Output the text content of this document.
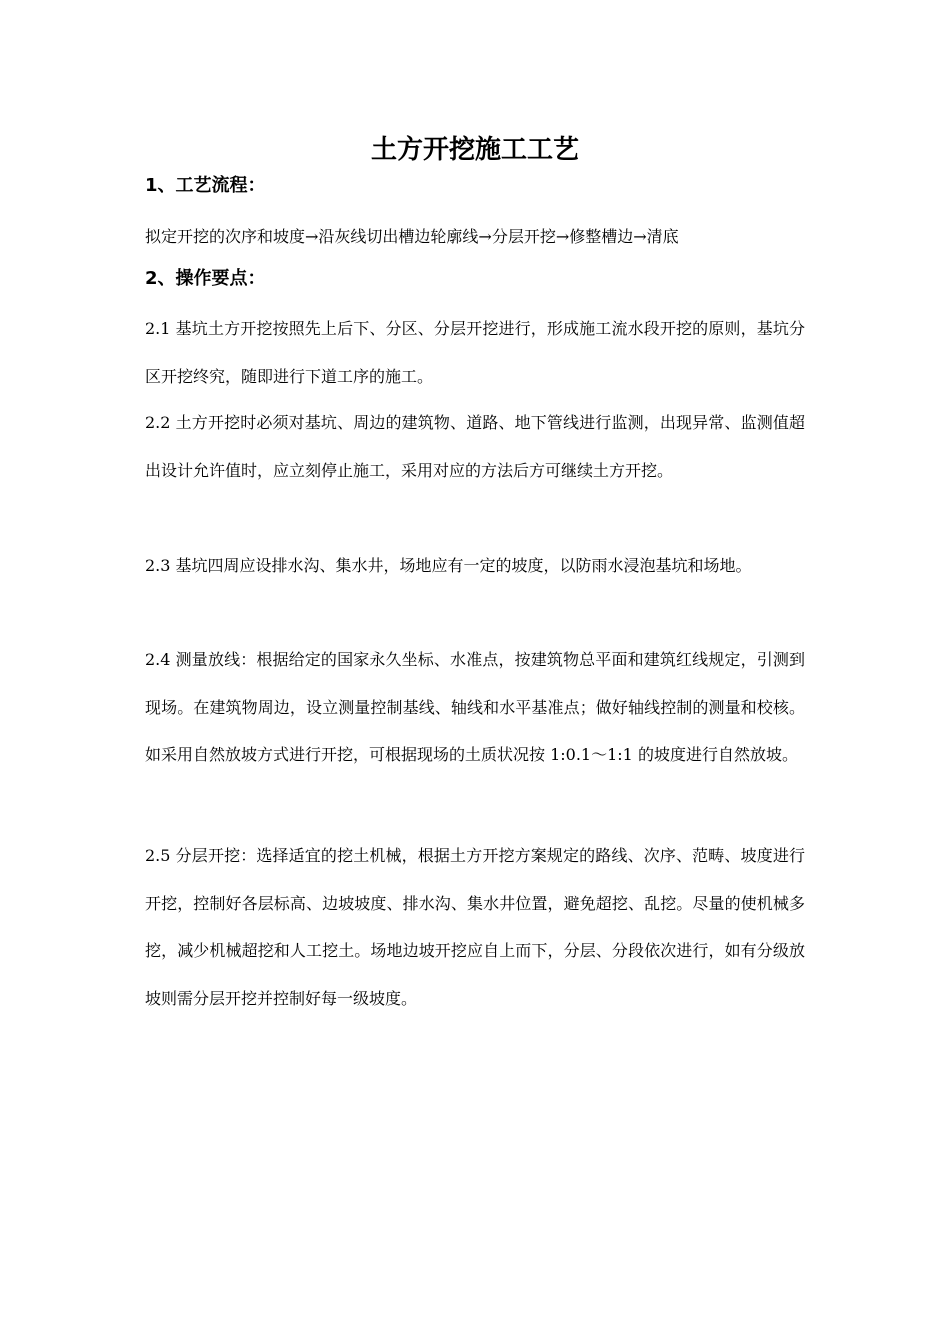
土方开挖施工工艺
1、工艺流程：

拟定开挖的次序和坡度→沿灰线切出槽边轮廓线→分层开挖→修整槽边→清底

2、操作要点：

2.1 基坑土方开挖按照先上后下、分区、分层开挖进行，形成施工流水段开挖的原则，基坑分区开挖终究，随即进行下道工序的施工。

2.2 土方开挖时必须对基坑、周边的建筑物、道路、地下管线进行监测，出现异常、监测值超出设计允许值时，应立刻停止施工，采用对应的方法后方可继续土方开挖。

2.3 基坑四周应设排水沟、集水井，场地应有一定的坡度，以防雨水浸泡基坑和场地。

2.4 测量放线：根据给定的国家永久坐标、水准点，按建筑物总平面和建筑红线规定，引测到现场。在建筑物周边，设立测量控制基线、轴线和水平基准点；做好轴线控制的测量和校核。如采用自然放坡方式进行开挖，可根据现场的土质状况按 1:0.1～1:1 的坡度进行自然放坡。

2.5 分层开挖：选择适宜的挖土机械，根据土方开挖方案规定的路线、次序、范畴、坡度进行开挖，控制好各层标高、边坡坡度、排水沟、集水井位置，避免超挖、乱挖。尽量的使机械多挖，减少机械超挖和人工挖土。场地边坡开挖应自上而下，分层、分段依次进行，如有分级放坡则需分层开挖并控制好每一级坡度。
